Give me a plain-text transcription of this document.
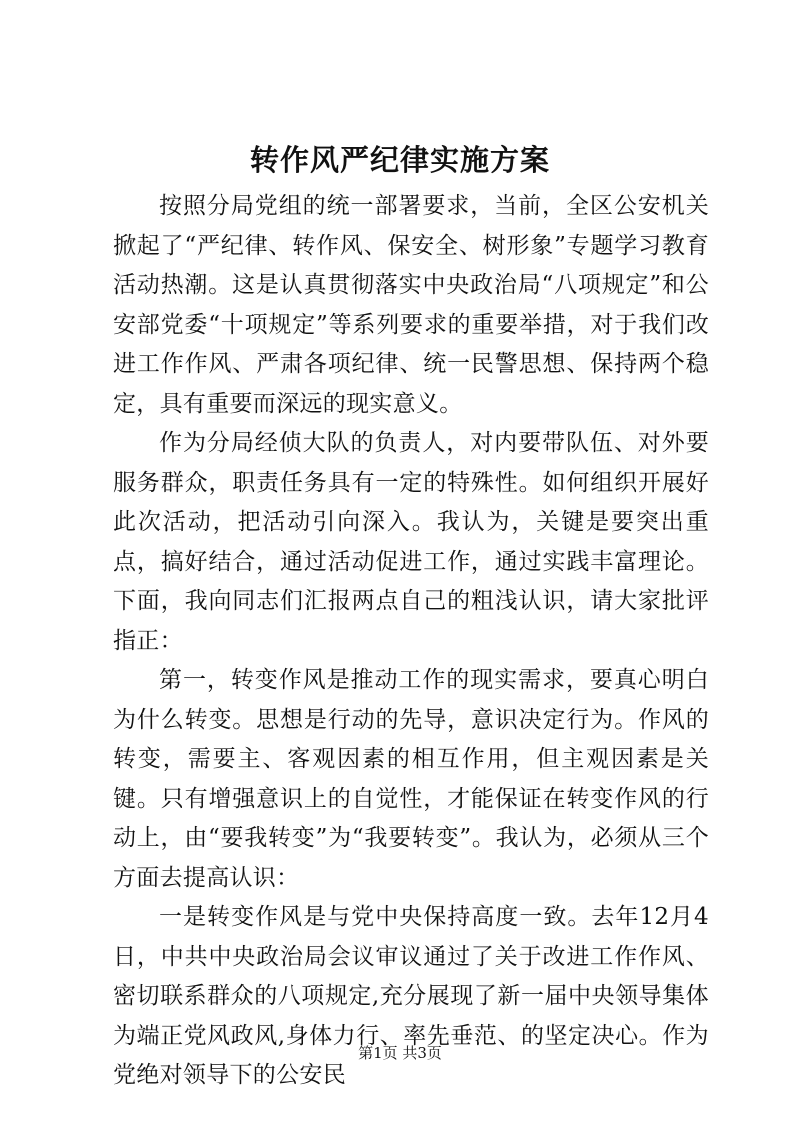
转作风严纪律实施方案

按照分局党组的统一部署要求，当前，全区公安机关掀起了“严纪律、转作风、保安全、树形象”专题学习教育活动热潮。这是认真贯彻落实中央政治局“八项规定”和公安部党委“十项规定”等系列要求的重要举措，对于我们改进工作作风、严肃各项纪律、统一民警思想、保持两个稳定，具有重要而深远的现实意义。

作为分局经侦大队的负责人，对内要带队伍、对外要服务群众，职责任务具有一定的特殊性。如何组织开展好此次活动，把活动引向深入。我认为，关键是要突出重点，搞好结合，通过活动促进工作，通过实践丰富理论。下面，我向同志们汇报两点自己的粗浅认识，请大家批评指正：

第一，转变作风是推动工作的现实需求，要真心明白为什么转变。思想是行动的先导，意识决定行为。作风的转变，需要主、客观因素的相互作用，但主观因素是关键。只有增强意识上的自觉性，才能保证在转变作风的行动上，由“要我转变”为“我要转变”。我认为，必须从三个方面去提高认识：

一是转变作风是与党中央保持高度一致。去年12月4日，中共中央政治局会议审议通过了关于改进工作作风、密切联系群众的八项规定,充分展现了新一届中央领导集体为端正党风政风,身体力行、率先垂范、的坚定决心。作为党绝对领导下的公安民

第1页 共3页
